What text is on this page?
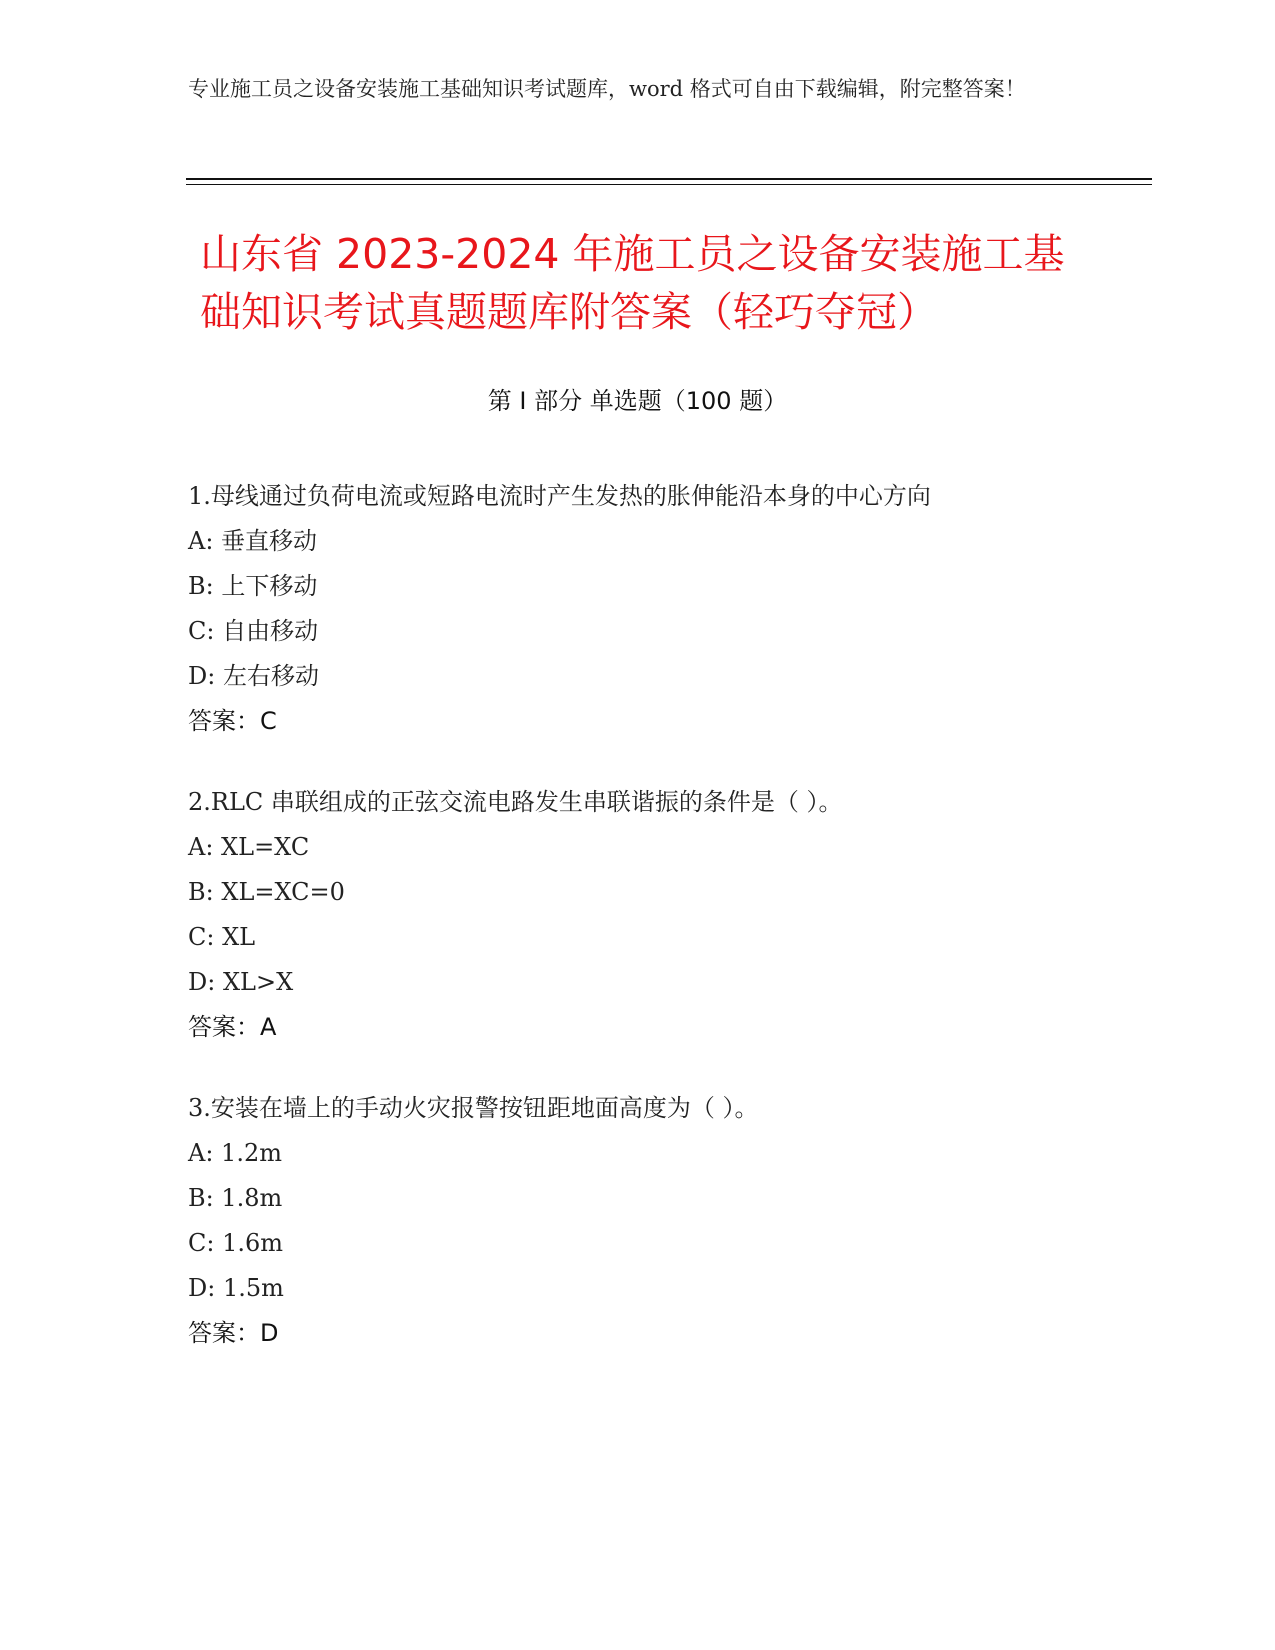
专业施工员之设备安装施工基础知识考试题库，word 格式可自由下载编辑，附完整答案！
山东省 2023-2024 年施工员之设备安装施工基础知识考试真题题库附答案（轻巧夺冠）
第 I 部分 单选题（100 题）
1.母线通过负荷电流或短路电流时产生发热的胀伸能沿本身的中心方向
A: 垂直移动
B: 上下移动
C: 自由移动
D: 左右移动
答案：C
2.RLC 串联组成的正弦交流电路发生串联谐振的条件是（ ）。
A: XL=XC
B: XL=XC=0
C: XL
D: XL>X
答案：A
3.安装在墙上的手动火灾报警按钮距地面高度为（ ）。
A: 1.2m
B: 1.8m
C: 1.6m
D: 1.5m
答案：D
